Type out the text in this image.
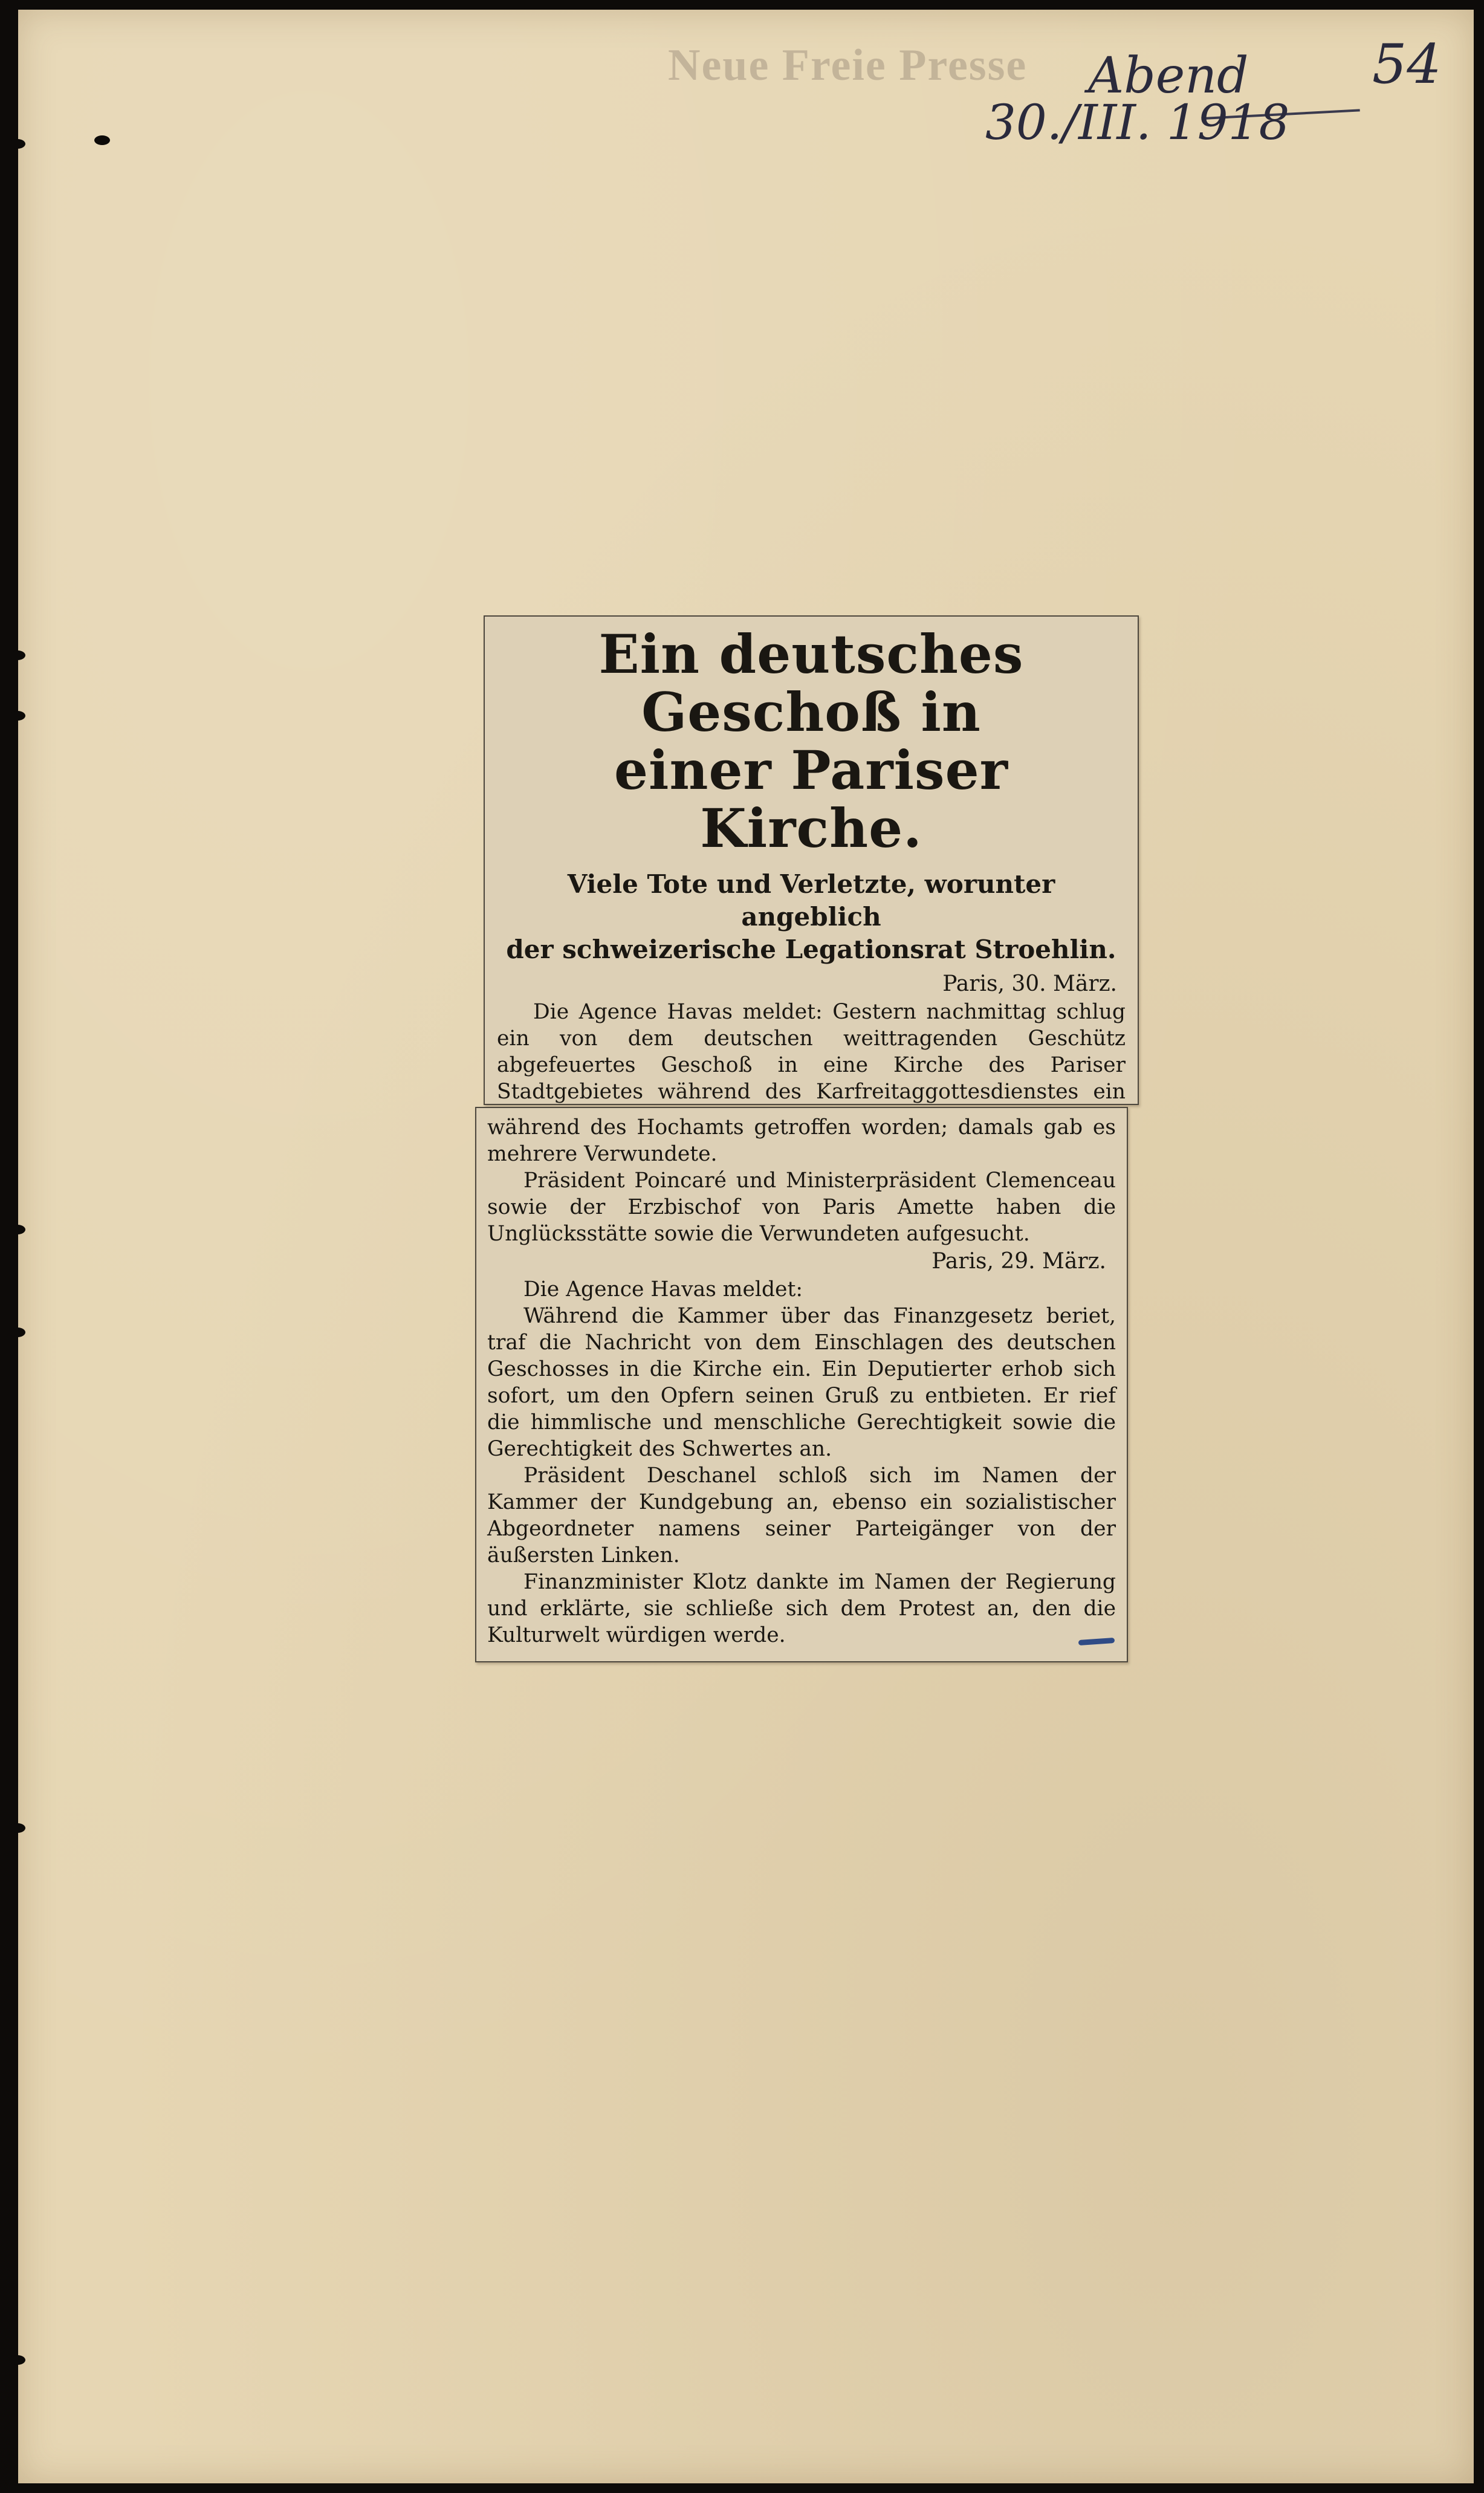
Neue Freie Presse	Abend
30./III. 1918
54
Ein deutsches Geschoß in
einer Pariser Kirche.
Viele Tote und Verletzte, worunter angeblich
der schweizerische Legationsrat Stroehlin.
Paris, 30. März.
Die Agence Havas meldet: Gestern nachmittag schlug ein von dem deutschen weittragenden Geschütz abgefeuertes Geschoß in eine Kirche des Pariser Stadtgebietes während des Karfreitaggottesdienstes ein
während des Hochamts getroffen worden; damals gab es mehrere Verwundete.
Präsident Poincaré und Ministerpräsident Clemenceau sowie der Erzbischof von Paris Amette haben die Unglücksstätte sowie die Verwundeten aufgesucht.
Paris, 29. März.
Die Agence Havas meldet:
Während die Kammer über das Finanzgesetz beriet, traf die Nachricht von dem Einschlagen des deutschen Geschosses in die Kirche ein. Ein Deputierter erhob sich sofort, um den Opfern seinen Gruß zu entbieten. Er rief die himmlische und menschliche Gerechtigkeit sowie die Gerechtigkeit des Schwertes an.
Präsident Deschanel schloß sich im Namen der Kammer der Kundgebung an, ebenso ein sozialistischer Abgeordneter namens seiner Parteigänger von der äußersten Linken.
Finanzminister Klotz dankte im Namen der Regierung und erklärte, sie schließe sich dem Protest an, den die Kulturwelt würdigen werde.
